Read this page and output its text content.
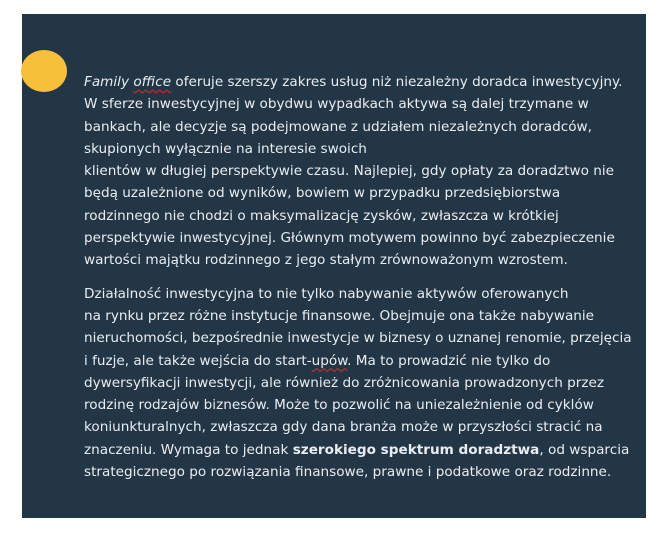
Family office oferuje szerszy zakres usług niż niezależny doradca inwestycyjny.
W sferze inwestycyjnej w obydwu wypadkach aktywa są dalej trzymane w
bankach, ale decyzje są podejmowane z udziałem niezależnych doradców,
skupionych wyłącznie na interesie swoich
klientów w długiej perspektywie czasu. Najlepiej, gdy opłaty za doradztwo nie
będą uzależnione od wyników, bowiem w przypadku przedsiębiorstwa
rodzinnego nie chodzi o maksymalizację zysków, zwłaszcza w krótkiej
perspektywie inwestycyjnej. Głównym motywem powinno być zabezpieczenie
wartości majątku rodzinnego z jego stałym zrównoważonym wzrostem.
Działalność inwestycyjna to nie tylko nabywanie aktywów oferowanych
na rynku przez różne instytucje finansowe. Obejmuje ona także nabywanie
nieruchomości, bezpośrednie inwestycje w biznesy o uznanej renomie, przejęcia
i fuzje, ale także wejścia do start-upów. Ma to prowadzić nie tylko do
dywersyfikacji inwestycji, ale również do zróżnicowania prowadzonych przez
rodzinę rodzajów biznesów. Może to pozwolić na uniezależnienie od cyklów
koniunkturalnych, zwłaszcza gdy dana branża może w przyszłości stracić na
znaczeniu. Wymaga to jednak szerokiego spektrum doradztwa, od wsparcia
strategicznego po rozwiązania finansowe, prawne i podatkowe oraz rodzinne.
